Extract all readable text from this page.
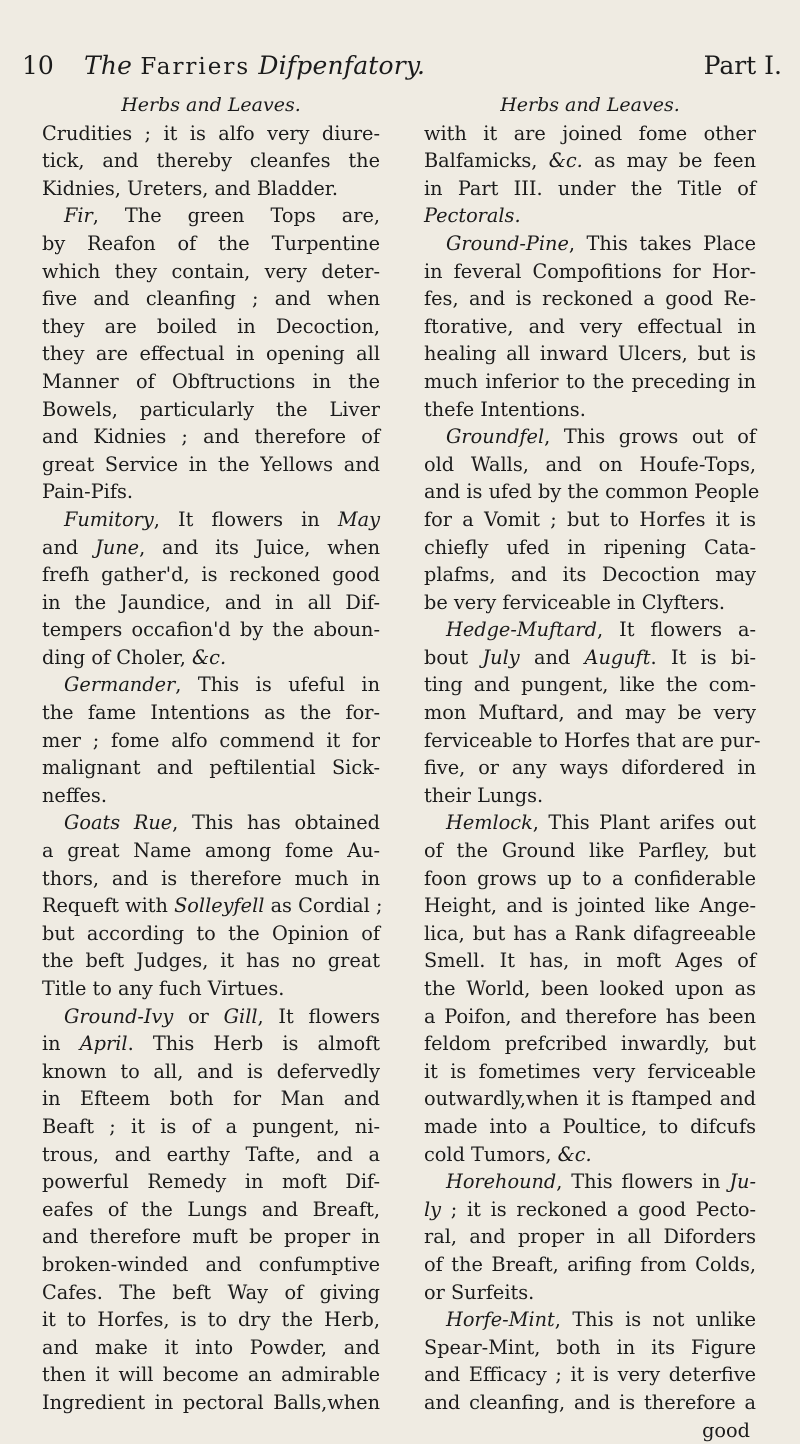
10 The Farriers Difpenfatory.	Part I.
Herbs and Leaves.
Crudities ; it is alfo very diure-
tick, and thereby cleanfes the
Kidnies, Ureters, and Bladder.
Fir, The green Tops are,
by Reafon of the Turpentine
which they contain, very deter-
five and cleanfing ; and when
they are boiled in Decoction,
they are effectual in opening all
Manner of Obftructions in the
Bowels, particularly the Liver
and Kidnies ; and therefore of
great Service in the Yellows and
Pain-Pifs.
Fumitory, It flowers in May
and June, and its Juice, when
frefh gather'd, is reckoned good
in the Jaundice, and in all Dif-
tempers occafion'd by the aboun-
ding of Choler, &c.
Germander, This is ufeful in
the fame Intentions as the for-
mer ; fome alfo commend it for
malignant and peftilential Sick-
neffes.
Goats Rue, This has obtained
a great Name among fome Au-
thors, and is therefore much in
Requeft with Solleyfell as Cordial ;
but according to the Opinion of
the beft Judges, it has no great
Title to any fuch Virtues.
Ground-Ivy or Gill, It flowers
in April. This Herb is almoft
known to all, and is defervedly
in Efteem both for Man and
Beaft ; it is of a pungent, ni-
trous, and earthy Tafte, and a
powerful Remedy in moft Dif-
eafes of the Lungs and Breaft,
and therefore muft be proper in
broken-winded and confumptive
Cafes. The beft Way of giving
it to Horfes, is to dry the Herb,
and make it into Powder, and
then it will become an admirable
Ingredient in pectoral Balls,when
Herbs and Leaves.
with it are joined fome other
Balfamicks, &c. as may be feen
in Part III. under the Title of
Pectorals.
Ground-Pine, This takes Place
in feveral Compofitions for Hor-
fes, and is reckoned a good Re-
ftorative, and very effectual in
healing all inward Ulcers, but is
much inferior to the preceding in
thefe Intentions.
Groundfel, This grows out of
old Walls, and on Houfe-Tops,
and is ufed by the common People
for a Vomit ; but to Horfes it is
chiefly ufed in ripening Cata-
plafms, and its Decoction may
be very ferviceable in Clyfters.
Hedge-Muftard, It flowers a-
bout July and Auguft. It is bi-
ting and pungent, like the com-
mon Muftard, and may be very
ferviceable to Horfes that are pur-
five, or any ways difordered in
their Lungs.
Hemlock, This Plant arifes out
of the Ground like Parfley, but
foon grows up to a confiderable
Height, and is jointed like Ange-
lica, but has a Rank difagreeable
Smell. It has, in moft Ages of
the World, been looked upon as
a Poifon, and therefore has been
feldom prefcribed inwardly, but
it is fometimes very ferviceable
outwardly,when it is ftamped and
made into a Poultice, to difcufs
cold Tumors, &c.
Horehound, This flowers in Ju-
ly ; it is reckoned a good Pecto-
ral, and proper in all Diforders
of the Breaft, arifing from Colds,
or Surfeits.
Horfe-Mint, This is not unlike
Spear-Mint, both in its Figure
and Efficacy ; it is very deterfive
and cleanfing, and is therefore a
good
